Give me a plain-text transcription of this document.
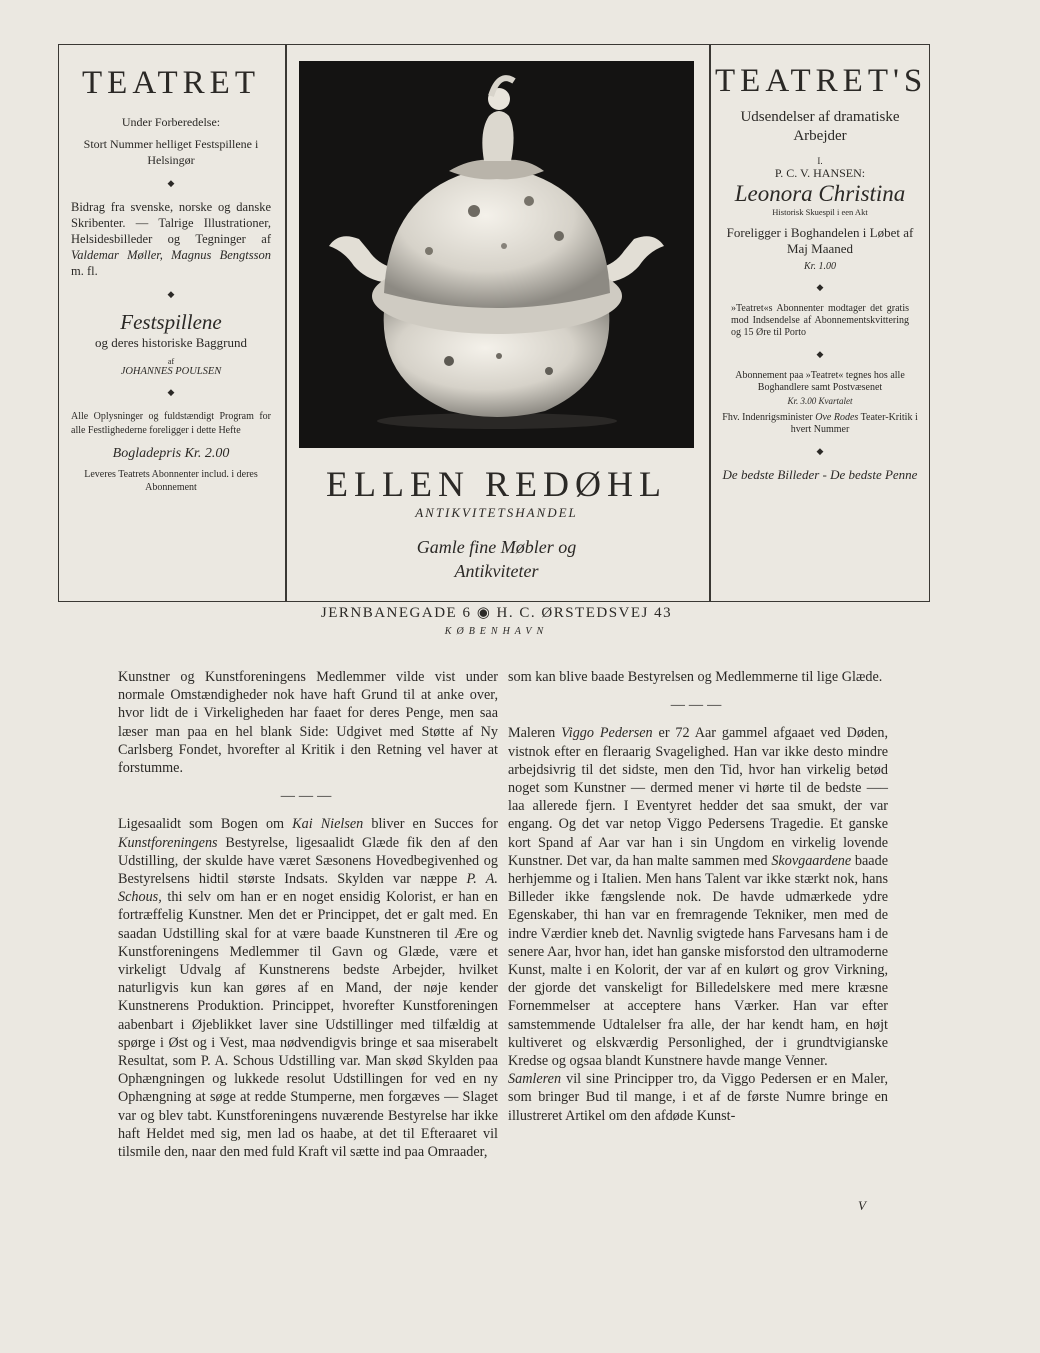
TEATRET
Under Forberedelse:
Stort Nummer helliget Festspillene i Helsingør
◆
Bidrag fra svenske, norske og danske Skribenter. — Talrige Illustrationer, Helsidesbilleder og Tegninger af Valdemar Møller, Magnus Bengtsson m. fl.
◆
Festspillene
og deres historiske Baggrund
af
JOHANNES POULSEN
◆
Alle Oplysninger og fuldstændigt Program for alle Festlighederne foreligger i dette Hefte
Bogladepris Kr. 2.00
Leveres Teatrets Abonnenter includ. i deres Abonnement	ELLEN REDØHL
ANTIKVITETSHANDEL
Gamle fine Møbler og
Antikviteter
JERNBANEGADE 6 ◉ H. C. ØRSTEDSVEJ 43
KØBENHAVN
TEATRET'S
Udsendelser af dramatiske Arbejder
I.
P. C. V. HANSEN:
Leonora Christina
Historisk Skuespil i een Akt
Foreligger i Boghandelen i Løbet af Maj Maaned
Kr. 1.00
◆
»Teatret«s Abonnenter modtager det gratis mod Indsendelse af Abonnementskvittering og 15 Øre til Porto
◆
Abonnement paa »Teatret« tegnes hos alle Boghandlere samt Postvæsenet
Kr. 3.00 Kvartalet
Fhv. Indenrigsminister Ove Rodes Teater-Kritik i hvert Nummer
◆
De bedste Billeder - De bedste Penne

Kunstner og Kunstforeningens Medlemmer vilde vist under normale Omstændigheder nok have haft Grund til at anke over, hvor lidt de i Virkeligheden har faaet for deres Penge, men saa læser man paa en hel blank Side: Udgivet med Støtte af Ny Carlsberg Fondet, hvorefter al Kritik i den Retning vel haver at forstumme.

———

Ligesaalidt som Bogen om Kai Nielsen bliver en Succes for Kunstforeningens Bestyrelse, ligesaalidt Glæde fik den af den Udstilling, der skulde have været Sæsonens Hovedbegivenhed og Bestyrelsens hidtil største Indsats. Skylden var næppe P. A. Schous, thi selv om han er en noget ensidig Kolorist, er han en fortræffelig Kunstner. Men det er Princippet, det er galt med. En saadan Udstilling skal for at være baade Kunstneren til Ære og Kunstforeningens Medlemmer til Gavn og Glæde, være et virkeligt Udvalg af Kunstnerens bedste Arbejder, hvilket naturligvis kun kan gøres af en Mand, der nøje kender Kunstnerens Produktion. Princippet, hvorefter Kunstforeningen aabenbart i Øjeblikket laver sine Udstillinger med tilfældig at spørge i Øst og i Vest, maa nødvendigvis bringe et saa miserabelt Resultat, som P. A. Schous Udstilling var. Man skød Skylden paa Ophængningen og lukkede resolut Udstillingen for ved en ny Ophængning at søge at redde Stumperne, men forgæves — Slaget var og blev tabt. Kunstforeningens nuværende Bestyrelse har ikke haft Heldet med sig, men lad os haabe, at det til Efteraaret vil tilsmile den, naar den med fuld Kraft vil sætte ind paa Omraader,

som kan blive baade Bestyrelsen og Medlemmerne til lige Glæde.

———

Maleren Viggo Pedersen er 72 Aar gammel afgaaet ved Døden, vistnok efter en fleraarig Svagelighed. Han var ikke desto mindre arbejdsivrig til det sidste, men den Tid, hvor han virkelig betød noget som Kunstner — dermed mener vi hørte til de bedste —– laa allerede fjern. I Eventyret hedder det saa smukt, der var engang. Og det var netop Viggo Pedersens Tragedie. Et ganske kort Spand af Aar var han i sin Ungdom en virkelig lovende Kunstner. Det var, da han malte sammen med Skovgaardene baade herhjemme og i Italien. Men hans Talent var ikke stærkt nok, hans Billeder ikke fængslende nok. De havde udmærkede ydre Egenskaber, thi han var en fremragende Tekniker, men med de indre Værdier kneb det. Navnlig svigtede hans Farvesans ham i de senere Aar, hvor han, idet han ganske misforstod den ultramoderne Kunst, malte i en Kolorit, der var af en kulørt og grov Virkning, der gjorde det vanskeligt for Billedelskere med mere kræsne Fornemmelser at acceptere hans Værker. Han var efter samstemmende Udtalelser fra alle, der har kendt ham, en højt kultiveret og elskværdig Personlighed, der i grundtvigianske Kredse og ogsaa blandt Kunstnere havde mange Venner.

Samleren vil sine Principper tro, da Viggo Pedersen er en Maler, som bringer Bud til mange, i et af de første Numre bringe en illustreret Artikel om den afdøde Kunst-

V
